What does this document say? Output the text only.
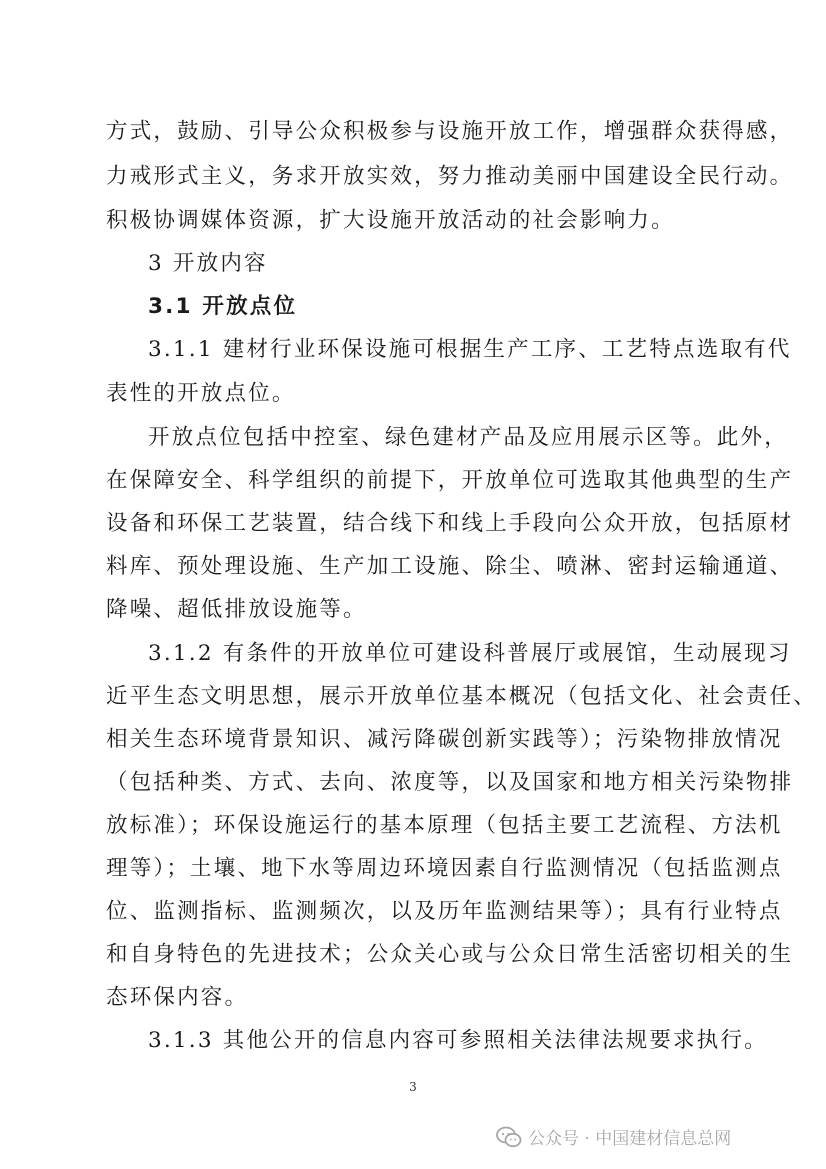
方式，鼓励、引导公众积极参与设施开放工作，增强群众获得感，
力戒形式主义，务求开放实效，努力推动美丽中国建设全民行动。
积极协调媒体资源，扩大设施开放活动的社会影响力。
3 开放内容
3.1 开放点位
3.1.1 建材行业环保设施可根据生产工序、工艺特点选取有代
表性的开放点位。
开放点位包括中控室、绿色建材产品及应用展示区等。此外，
在保障安全、科学组织的前提下，开放单位可选取其他典型的生产
设备和环保工艺装置，结合线下和线上手段向公众开放，包括原材
料库、预处理设施、生产加工设施、除尘、喷淋、密封运输通道、
降噪、超低排放设施等。
3.1.2 有条件的开放单位可建设科普展厅或展馆，生动展现习
近平生态文明思想，展示开放单位基本概况（包括文化、社会责任、
相关生态环境背景知识、减污降碳创新实践等）；污染物排放情况
（包括种类、方式、去向、浓度等，以及国家和地方相关污染物排
放标准）；环保设施运行的基本原理（包括主要工艺流程、方法机
理等）；土壤、地下水等周边环境因素自行监测情况（包括监测点
位、监测指标、监测频次，以及历年监测结果等）；具有行业特点
和自身特色的先进技术；公众关心或与公众日常生活密切相关的生
态环保内容。
3.1.3 其他公开的信息内容可参照相关法律法规要求执行。
3
公众号 · 中国建材信息总网
